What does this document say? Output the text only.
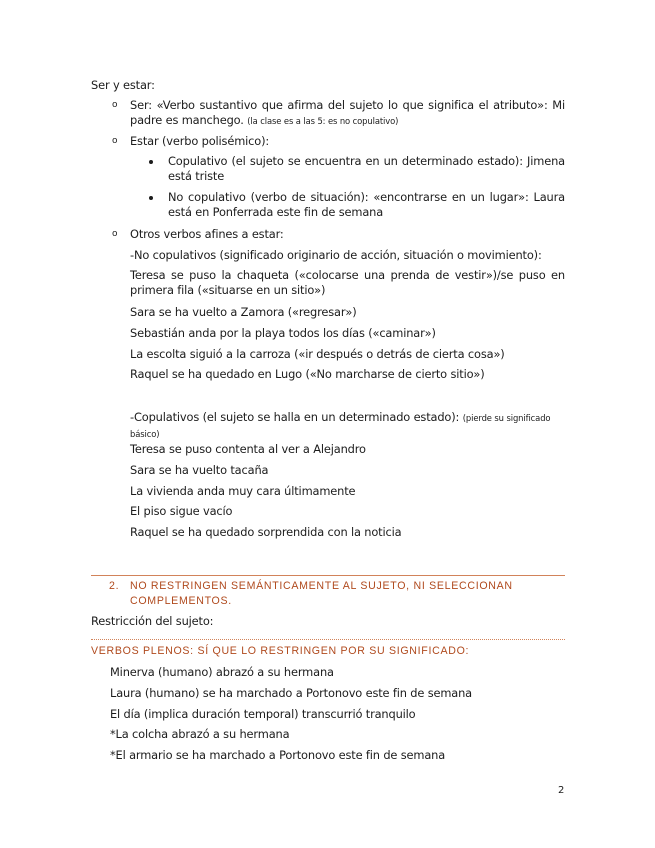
Ser y estar:
o Ser: «Verbo sustantivo que afirma del sujeto lo que significa el atributo»: Mi padre es manchego. (la clase es a las 5: es no copulativo)
o Estar (verbo polisémico):
Copulativo (el sujeto se encuentra en un determinado estado): Jimena está triste
No copulativo (verbo de situación): «encontrarse en un lugar»: Laura está en Ponferrada este fin de semana
o Otros verbos afines a estar:
-No copulativos (significado originario de acción, situación o movimiento):
Teresa se puso la chaqueta («colocarse una prenda de vestir»)/se puso en primera fila («situarse en un sitio»)
Sara se ha vuelto a Zamora («regresar»)
Sebastián anda por la playa todos los días («caminar»)
La escolta siguió a la carroza («ir después o detrás de cierta cosa»)
Raquel se ha quedado en Lugo («No marcharse de cierto sitio»)
-Copulativos (el sujeto se halla en un determinado estado): (pierde su significado básico)
Teresa se puso contenta al ver a Alejandro
Sara se ha vuelto tacaña
La vivienda anda muy cara últimamente
El piso sigue vacío
Raquel se ha quedado sorprendida con la noticia
2. NO RESTRINGEN SEMÁNTICAMENTE AL SUJETO, NI SELECCIONAN COMPLEMENTOS.
Restricción del sujeto:
VERBOS PLENOS: SÍ QUE LO RESTRINGEN POR SU SIGNIFICADO:
Minerva (humano) abrazó a su hermana
Laura (humano) se ha marchado a Portonovo este fin de semana
El día (implica duración temporal) transcurrió tranquilo
*La colcha abrazó a su hermana
*El armario se ha marchado a Portonovo este fin de semana
2
